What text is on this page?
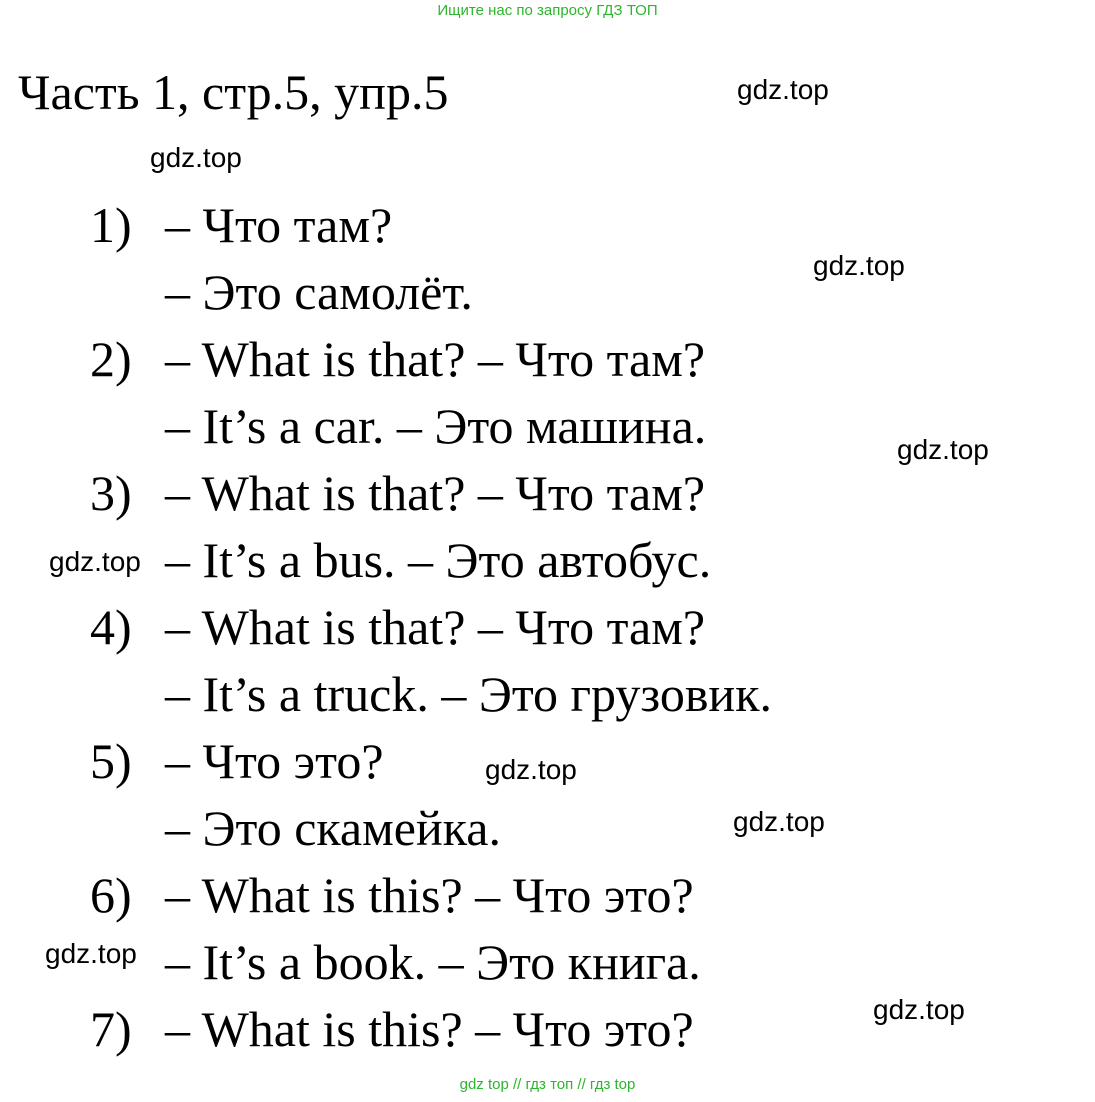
Ищите нас по запросу ГДЗ ТОП
Часть 1, стр.5, упр.5
1) – Что там?
– Это самолёт.
2) – What is that? – Что там?
– It’s a car. – Это машина.
3) – What is that? – Что там?
– It’s a bus. – Это автобус.
4) – What is that? – Что там?
– It’s a truck. – Это грузовик.
5) – Что это?
– Это скамейка.
6) – What is this? – Что это?
– It’s a book. – Это книга.
7) – What is this? – Что это?
gdz.top
gdz.top
gdz.top
gdz.top
gdz.top
gdz.top
gdz.top
gdz.top
gdz.top
gdz top // гдз топ // гдз top
